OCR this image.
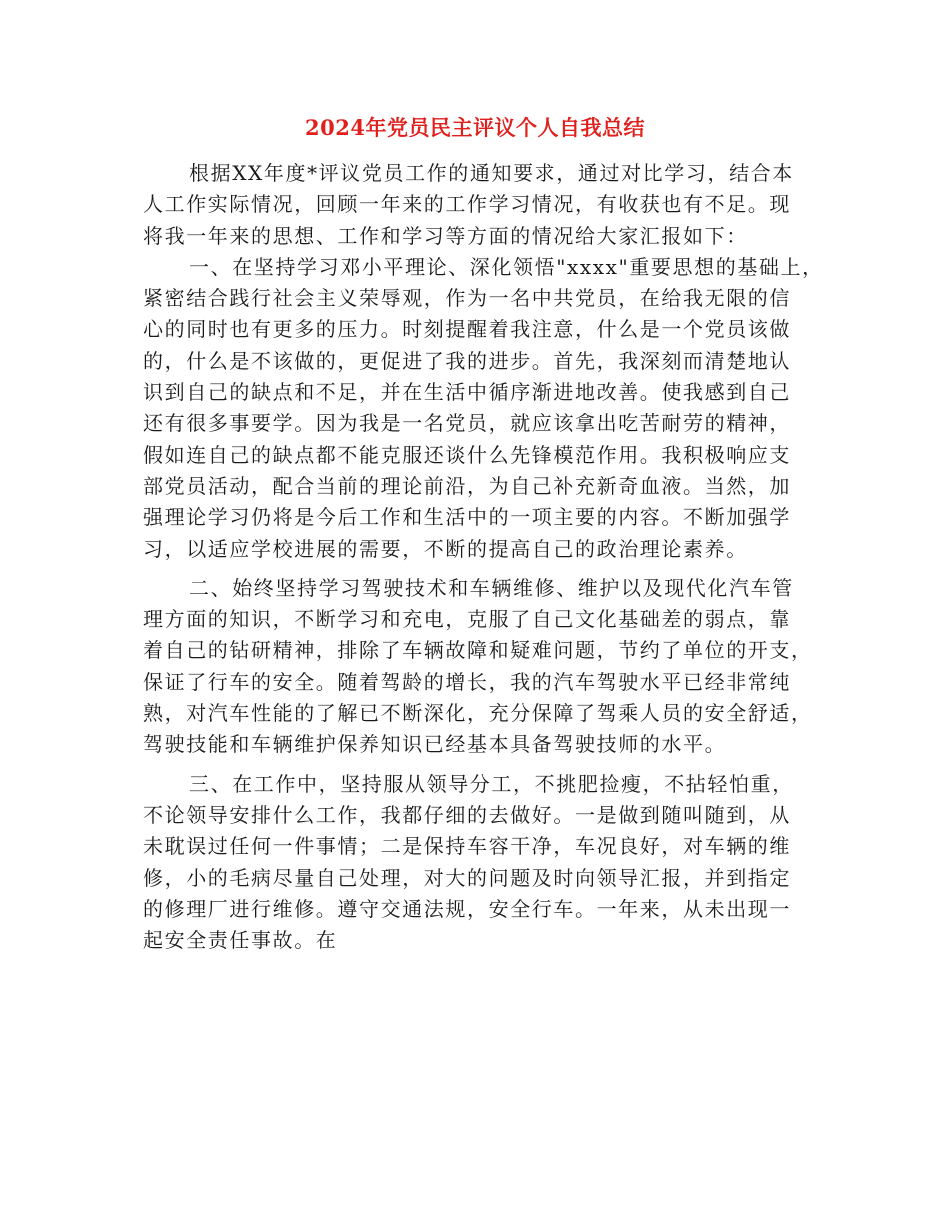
2024年党员民主评议个人自我总结

根据XX年度*评议党员工作的通知要求，通过对比学习，结合本
人工作实际情况，回顾一年来的工作学习情况，有收获也有不足。现
将我一年来的思想、工作和学习等方面的情况给大家汇报如下：

一、在坚持学习邓小平理论、深化领悟"xxxx"重要思想的基础上，
紧密结合践行社会主义荣辱观，作为一名中共党员，在给我无限的信
心的同时也有更多的压力。时刻提醒着我注意，什么是一个党员该做
的，什么是不该做的，更促进了我的进步。首先，我深刻而清楚地认
识到自己的缺点和不足，并在生活中循序渐进地改善。使我感到自己
还有很多事要学。因为我是一名党员，就应该拿出吃苦耐劳的精神，
假如连自己的缺点都不能克服还谈什么先锋模范作用。我积极响应支
部党员活动，配合当前的理论前沿，为自己补充新奇血液。当然，加
强理论学习仍将是今后工作和生活中的一项主要的内容。不断加强学
习，以适应学校进展的需要，不断的提高自己的政治理论素养。

二、始终坚持学习驾驶技术和车辆维修、维护以及现代化汽车管
理方面的知识，不断学习和充电，克服了自己文化基础差的弱点，靠
着自己的钻研精神，排除了车辆故障和疑难问题，节约了单位的开支，
保证了行车的安全。随着驾龄的增长，我的汽车驾驶水平已经非常纯
熟，对汽车性能的了解已不断深化，充分保障了驾乘人员的安全舒适，
驾驶技能和车辆维护保养知识已经基本具备驾驶技师的水平。

三、在工作中，坚持服从领导分工，不挑肥捡瘦，不拈轻怕重，
不论领导安排什么工作，我都仔细的去做好。一是做到随叫随到，从
未耽误过任何一件事情；二是保持车容干净，车况良好，对车辆的维
修，小的毛病尽量自己处理，对大的问题及时向领导汇报，并到指定
的修理厂进行维修。遵守交通法规，安全行车。一年来，从未出现一
起安全责任事故。在
